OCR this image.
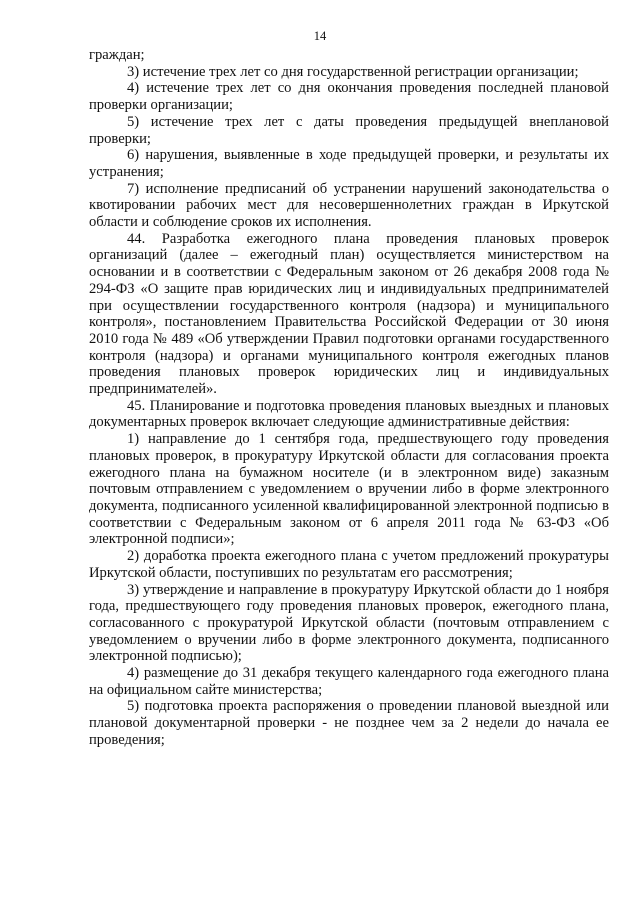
14

граждан;

3) истечение трех лет со дня государственной регистрации организации;

4) истечение трех лет со дня окончания проведения последней плановой проверки организации;

5) истечение трех лет с даты проведения предыдущей внеплановой проверки;

6) нарушения, выявленные в ходе предыдущей проверки, и результаты их устранения;

7) исполнение предписаний об устранении нарушений законодательства о квотировании рабочих мест для несовершеннолетних граждан в Иркутской области и соблюдение сроков их исполнения.

44. Разработка ежегодного плана проведения плановых проверок организаций (далее – ежегодный план) осуществляется министерством на основании и в соответствии с Федеральным законом от 26 декабря 2008 года № 294-ФЗ «О защите прав юридических лиц и индивидуальных предпринимателей при осуществлении государственного контроля (надзора) и муниципального контроля», постановлением Правительства Российской Федерации от 30 июня 2010 года № 489 «Об утверждении Правил подготовки органами государственного контроля (надзора) и органами муниципального контроля ежегодных планов проведения плановых проверок юридических лиц и индивидуальных предпринимателей».

45. Планирование и подготовка проведения плановых выездных и плановых документарных проверок включает следующие административные действия:

1) направление до 1 сентября года, предшествующего году проведения плановых проверок, в прокуратуру Иркутской области для согласования проекта ежегодного плана на бумажном носителе (и в электронном виде) заказным почтовым отправлением с уведомлением о вручении либо в форме электронного документа, подписанного усиленной квалифицированной электронной подписью в соответствии с Федеральным законом от 6 апреля 2011 года № 63-ФЗ «Об электронной подписи»;

2) доработка проекта ежегодного плана с учетом предложений прокуратуры Иркутской области, поступивших по результатам его рассмотрения;

3) утверждение и направление в прокуратуру Иркутской области до 1 ноября года, предшествующего году проведения плановых проверок, ежегодного плана, согласованного с прокуратурой Иркутской области (почтовым отправлением с уведомлением о вручении либо в форме электронного документа, подписанного электронной подписью);

4) размещение до 31 декабря текущего календарного года ежегодного плана на официальном сайте министерства;

5) подготовка проекта распоряжения о проведении плановой выездной или плановой документарной проверки - не позднее чем за 2 недели до начала ее проведения;
